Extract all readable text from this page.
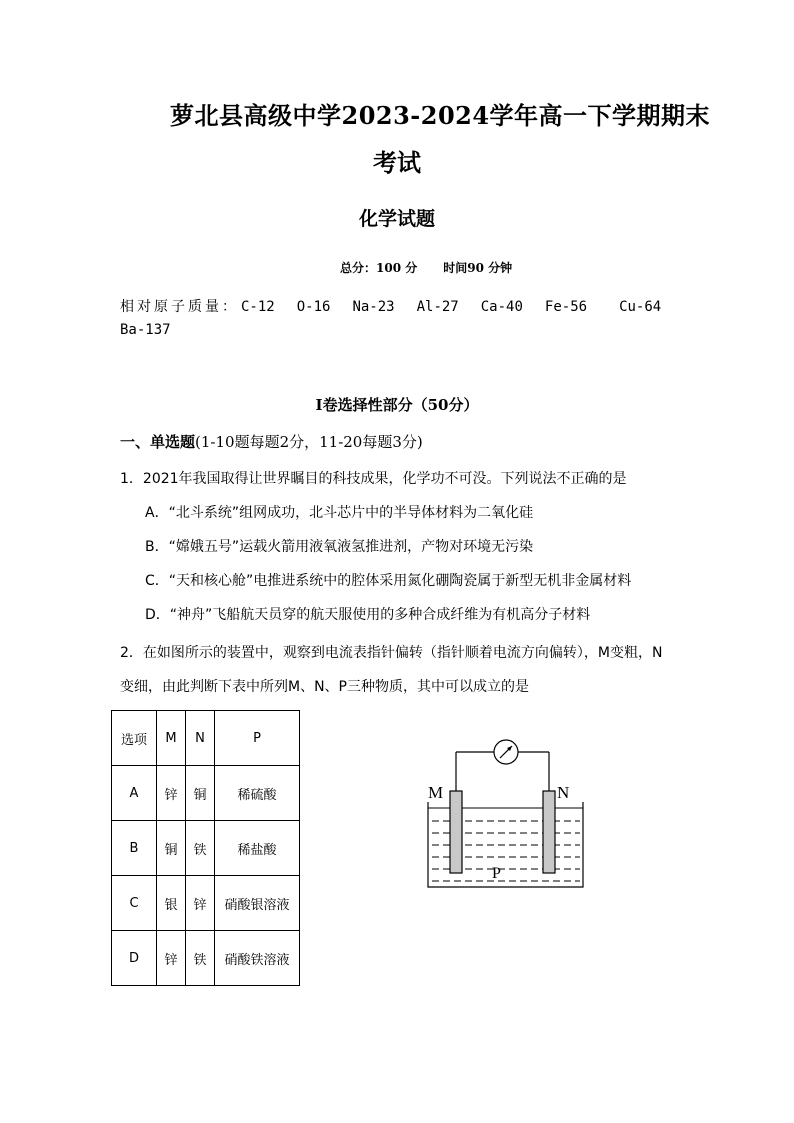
萝北县高级中学2023-2024学年高一下学期期末
考试
化学试题
总分：100 分 时间90 分钟
相对原子质量： C-12 O-16 Na-23 Al-27 Ca-40 Fe-56 Cu-64
Ba-137
Ⅰ卷选择性部分（50分）
一、单选题(1-10题每题2分，11-20每题3分)
1．2021年我国取得让世界瞩目的科技成果，化学功不可没。下列说法不正确的是
A．“北斗系统”组网成功，北斗芯片中的半导体材料为二氧化硅
B．“嫦娥五号”运载火箭用液氧液氢推进剂，产物对环境无污染
C．“天和核心舱”电推进系统中的腔体采用氮化硼陶瓷属于新型无机非金属材料
D．“神舟”飞船航天员穿的航天服使用的多种合成纤维为有机高分子材料
2．在如图所示的装置中，观察到电流表指针偏转（指针顺着电流方向偏转），M变粗，N
变细，由此判断下表中所列M、N、P三种物质，其中可以成立的是
选项	M	N	P
A	锌	铜	稀硫酸
B	铜	铁	稀盐酸
C	银	锌	硝酸银溶液
D	锌	铁	硝酸铁溶液
M	N
P
